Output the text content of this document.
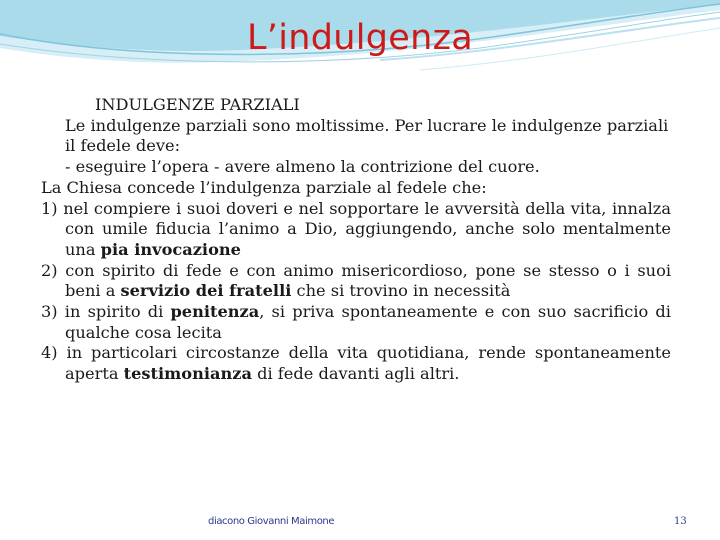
L’indulgenza

INDULGENZE PARZIALI

Le indulgenze parziali sono moltissime. Per lucrare le indulgenze parziali il fedele deve:

- eseguire l’opera - avere almeno la contrizione del cuore.

La Chiesa concede l’indulgenza parziale al fedele che:

1) nel compiere i suoi doveri e nel sopportare le avversità della vita, innalza con umile fiducia l’animo a Dio, aggiungendo, anche solo mentalmente una pia invocazione

2) con spirito di fede e con animo misericordioso, pone se stesso o i suoi beni a servizio dei fratelli che si trovino in necessità

3) in spirito di penitenza, si priva spontaneamente e con suo sacrificio di qualche cosa lecita

4) in particolari circostanze della vita quotidiana, rende spontaneamente aperta testimonianza di fede davanti agli altri.

diacono Giovanni Maimone	13
